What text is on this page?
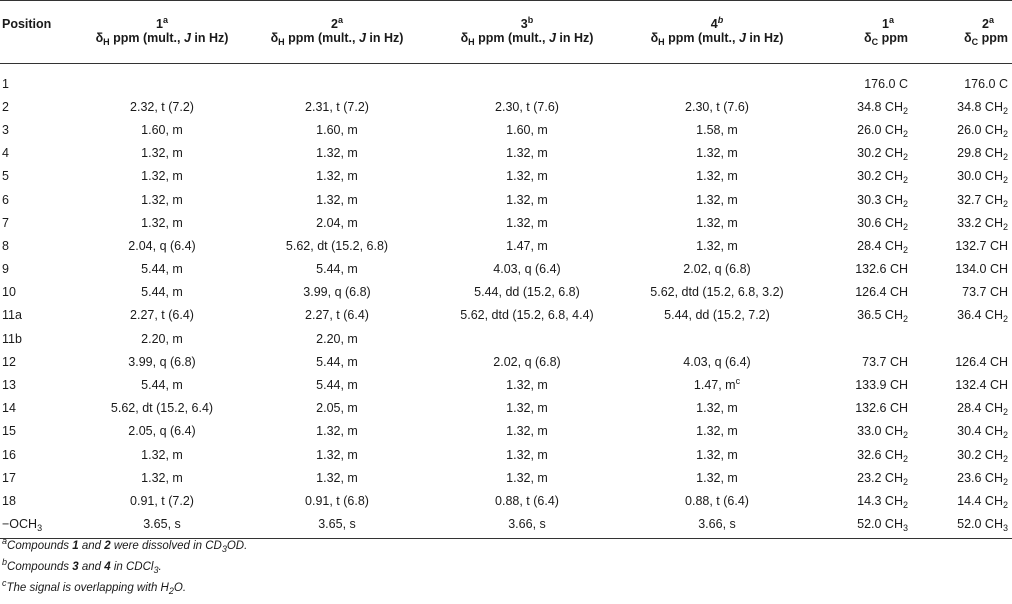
Position	1$^a$	2$^a$	3$^b$	4$^b$	1$^a$	2$^a$
	$\delta_H$ ppm (mult., J in Hz)	$\delta_H$ ppm (mult., J in Hz)	$\delta_H$ ppm (mult., J in Hz)	$\delta_H$ ppm (mult., J in Hz)	$\delta_C$ ppm	$\delta_C$ ppm
1					176.0 C	176.0 C
2	2.32, t (7.2)	2.31, t (7.2)	2.30, t (7.6)	2.30, t (7.6)	34.8 $CH_2$	34.8 $CH_2$
3	1.60, m	1.60, m	1.60, m	1.58, m	26.0 $CH_2$	26.0 $CH_2$
4	1.32, m	1.32, m	1.32, m	1.32, m	30.2 $CH_2$	29.8 $CH_2$
5	1.32, m	1.32, m	1.32, m	1.32, m	30.2 $CH_2$	30.0 $CH_2$
6	1.32, m	1.32, m	1.32, m	1.32, m	30.3 $CH_2$	32.7 $CH_2$
7	1.32, m	2.04, m	1.32, m	1.32, m	30.6 $CH_2$	33.2 $CH_2$
8	2.04, q (6.4)	5.62, dt (15.2, 6.8)	1.47, m	1.32, m	28.4 $CH_2$	132.7 CH
9	5.44, m	5.44, m	4.03, q (6.4)	2.02, q (6.8)	132.6 CH	134.0 CH
10	5.44, m	3.99, q (6.8)	5.44, dd (15.2, 6.8)	5.62, dtd (15.2, 6.8, 3.2)	126.4 CH	73.7 CH
11a	2.27, t (6.4)	2.27, t (6.4)	5.62, dtd (15.2, 6.8, 4.4)	5.44, dd (15.2, 7.2)	36.5 $CH_2$	36.4 $CH_2$
11b	2.20, m	2.20, m				
12	3.99, q (6.8)	5.44, m	2.02, q (6.8)	4.03, q (6.4)	73.7 CH	126.4 CH
13	5.44, m	5.44, m	1.32, m	1.47, $m^c$	133.9 CH	132.4 CH
14	5.62, dt (15.2, 6.4)	2.05, m	1.32, m	1.32, m	132.6 CH	28.4 $CH_2$
15	2.05, q (6.4)	1.32, m	1.32, m	1.32, m	33.0 $CH_2$	30.4 $CH_2$
16	1.32, m	1.32, m	1.32, m	1.32, m	32.6 $CH_2$	30.2 $CH_2$
17	1.32, m	1.32, m	1.32, m	1.32, m	23.2 $CH_2$	23.6 $CH_2$
18	0.91, t (7.2)	0.91, t (6.8)	0.88, t (6.4)	0.88, t (6.4)	14.3 $CH_2$	14.4 $CH_2$
$-OCH_3$	3.65, s	3.65, s	3.66, s	3.66, s	52.0 $CH_3$	52.0 $CH_3$
$^a$Compounds 1 and 2 were dissolved in $CD_3OD$.
$^b$Compounds 3 and 4 in CDCl$_3$.
$^c$The signal is overlapping with $H_2O$.
